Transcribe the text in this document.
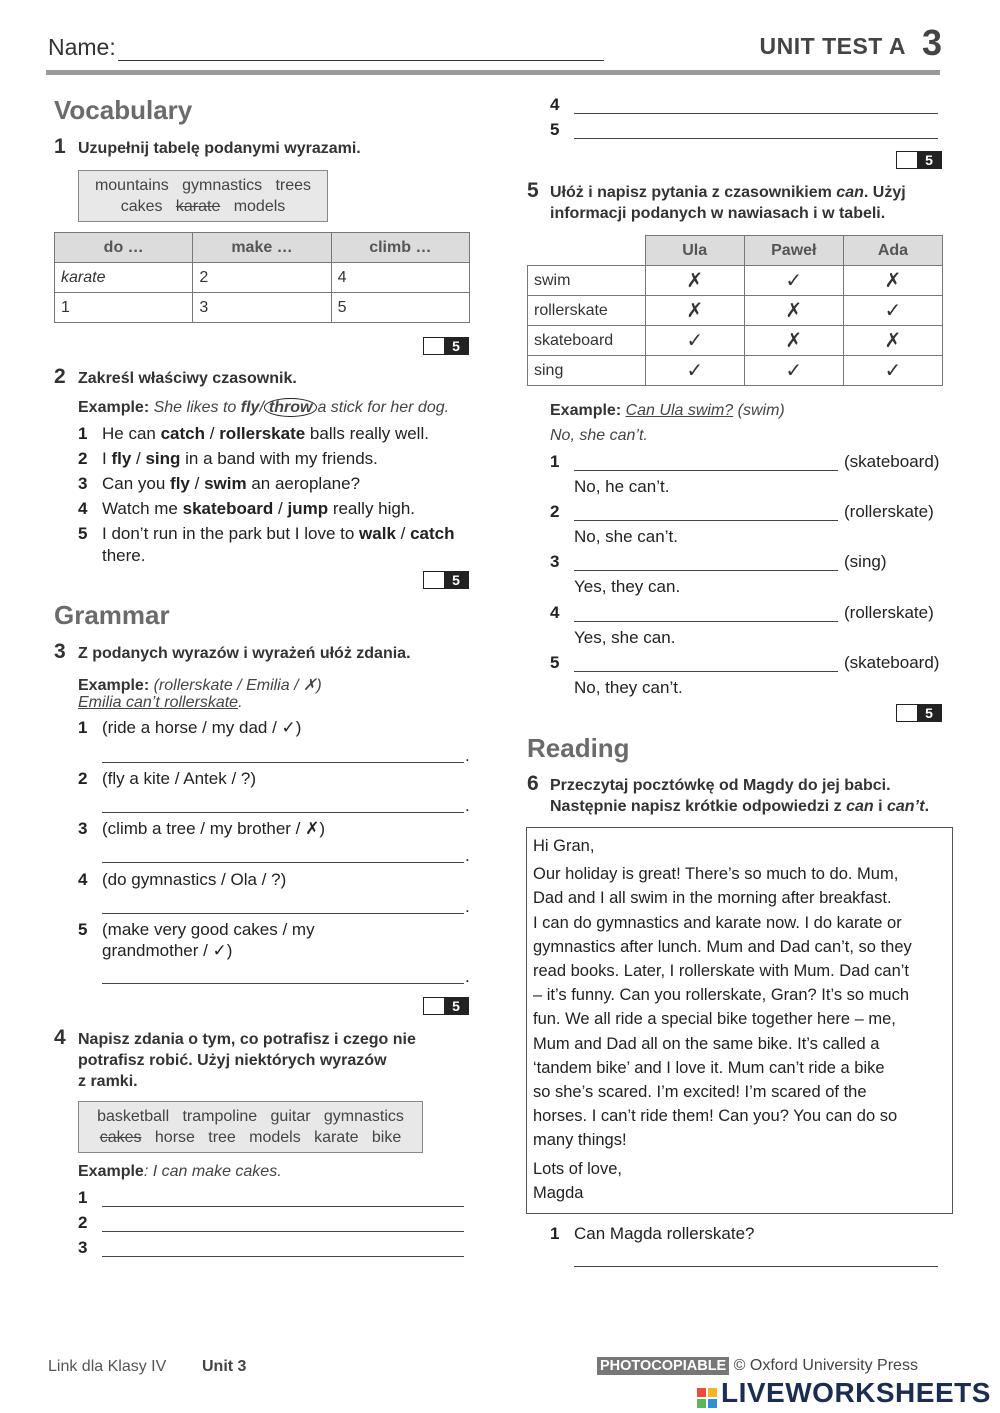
Name:	UNIT TEST A 3
Vocabulary
1 Uzupełnij tabelę podanymi wyrazami.
mountains   gymnastics   trees
cakes karate models
do …	make …	climb …
karate	2	4
1	3	5
5
2 Zakreśl właściwy czasownik.
Example: She likes to fly/ throw a stick for her dog.
1 He can catch / rollerskate balls really well.
2 I fly / sing in a band with my friends.
3 Can you fly / swim an aeroplane?
4 Watch me skateboard / jump really high.
5 I don’t run in the park but I love to walk / catch
there.
5
Grammar
3 Z podanych wyrazów i wyrażeń ułóż zdania.
Example: (rollerskate / Emilia / ✗)
Emilia can’t rollerskate.
1 (ride a horse / my dad / ✓)
.
2 (fly a kite / Antek / ?)
.
3 (climb a tree / my brother / ✗)
.
4 (do gymnastics / Ola / ?)
.
5 (make very good cakes / my
grandmother / ✓)
.
5
4 Napisz zdania o tym, co potrafisz i czego nie
potrafisz robić. Użyj niektórych wyrazów
z ramki.
basketball   trampoline   guitar   gymnastics
cakes horse   tree   models   karate   bike
Example: I can make cakes.
1
2
3
4
5
5
5 Ułóż i napisz pytania z czasownikiem can. Użyj
informacji podanych w nawiasach i w tabeli.
	Ula	Paweł	Ada
swim	✗	✓	✗
rollerskate	✗	✗	✓
skateboard	✓	✗	✗
sing	✓	✓	✓
Example: Can Ula swim? (swim)
No, she can’t.
1	(skateboard)
No, he can’t.
2	(rollerskate)
No, she can’t.
3	(sing)
Yes, they can.
4	(rollerskate)
Yes, she can.
5	(skateboard)
No, they can’t.
5
Reading
6 Przeczytaj pocztówkę od Magdy do jej babci.
Następnie napisz krótkie odpowiedzi z can i can’t.
Hi Gran,
Our holiday is great! There’s so much to do. Mum,
Dad and I all swim in the morning after breakfast.
I can do gymnastics and karate now. I do karate or
gymnastics after lunch. Mum and Dad can’t, so they
read books. Later, I rollerskate with Mum. Dad can’t
– it’s funny. Can you rollerskate, Gran? It’s so much
fun. We all ride a special bike together here – me,
Mum and Dad all on the same bike. It’s called a
‘tandem bike’ and I love it. Mum can’t ride a bike
so she’s scared. I’m excited! I’m scared of the
horses. I can’t ride them! Can you? You can do so
many things!
Lots of love,
Magda
1 Can Magda rollerskate?
Link dla Klasy IV Unit 3	PHOTOCOPIABLE © Oxford University Press
LIVEWORKSHEETS
